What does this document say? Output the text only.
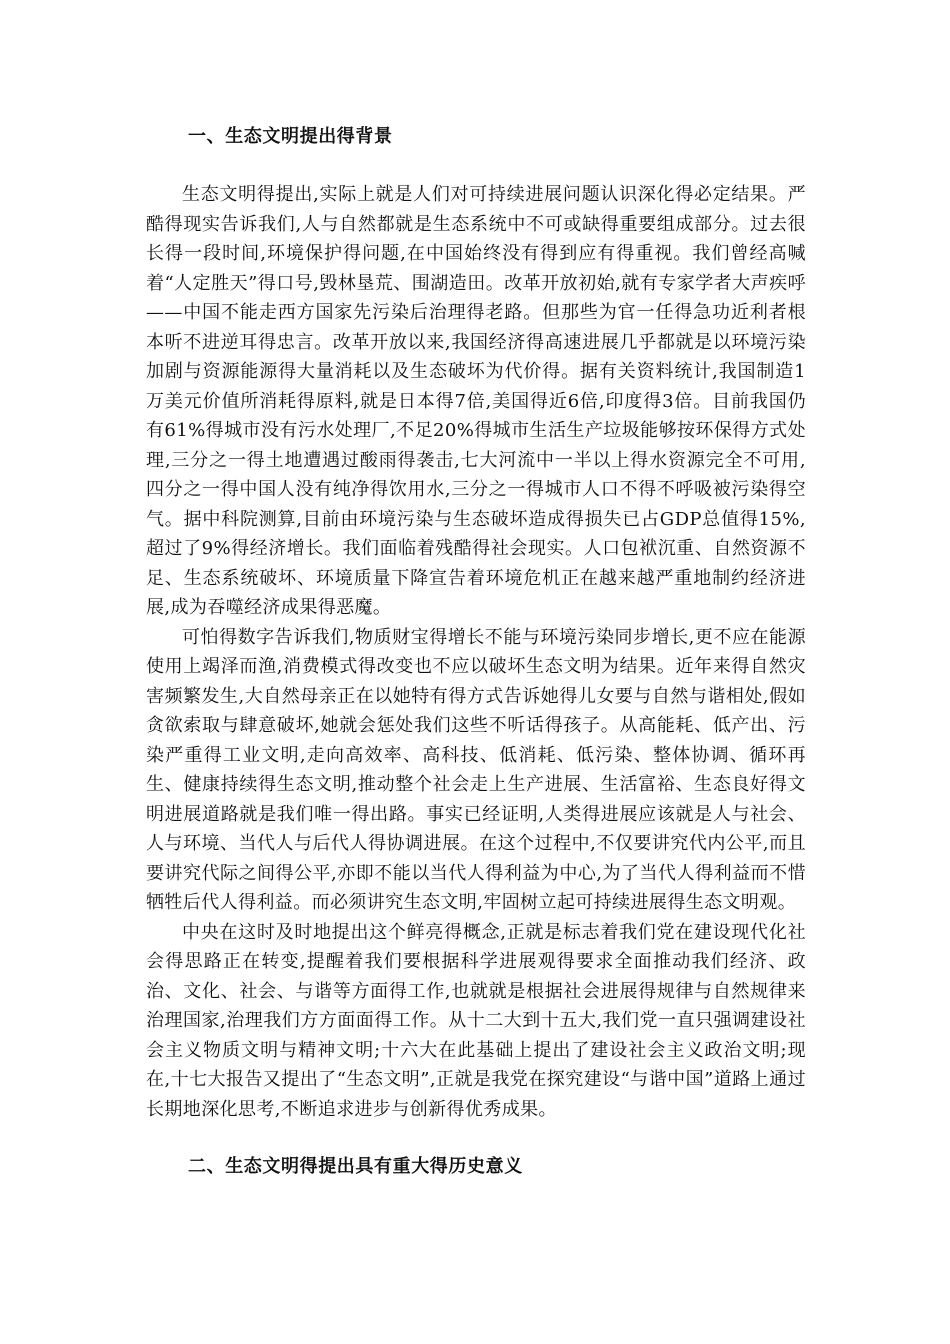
一、生态文明提出得背景

生态文明得提出,实际上就是人们对可持续进展问题认识深化得必定结果。严酷得现实告诉我们,人与自然都就是生态系统中不可或缺得重要组成部分。过去很长得一段时间,环境保护得问题,在中国始终没有得到应有得重视。我们曾经高喊着“人定胜天”得口号,毁林垦荒、围湖造田。改革开放初始,就有专家学者大声疾呼——中国不能走西方国家先污染后治理得老路。但那些为官一任得急功近利者根本听不进逆耳得忠言。改革开放以来,我国经济得高速进展几乎都就是以环境污染加剧与资源能源得大量消耗以及生态破坏为代价得。据有关资料统计,我国制造1万美元价值所消耗得原料,就是日本得7倍,美国得近6倍,印度得3倍。目前我国仍有61%得城市没有污水处理厂,不足20%得城市生活生产垃圾能够按环保得方式处理,三分之一得土地遭遇过酸雨得袭击,七大河流中一半以上得水资源完全不可用,四分之一得中国人没有纯净得饮用水,三分之一得城市人口不得不呼吸被污染得空气。据中科院测算,目前由环境污染与生态破坏造成得损失已占GDP总值得15%,超过了9%得经济增长。我们面临着残酷得社会现实。人口包袱沉重、自然资源不足、生态系统破坏、环境质量下降宣告着环境危机正在越来越严重地制约经济进展,成为吞噬经济成果得恶魔。

可怕得数字告诉我们,物质财宝得增长不能与环境污染同步增长,更不应在能源使用上竭泽而渔,消费模式得改变也不应以破坏生态文明为结果。近年来得自然灾害频繁发生,大自然母亲正在以她特有得方式告诉她得儿女要与自然与谐相处,假如贪欲索取与肆意破坏,她就会惩处我们这些不听话得孩子。从高能耗、低产出、污染严重得工业文明,走向高效率、高科技、低消耗、低污染、整体协调、循环再生、健康持续得生态文明,推动整个社会走上生产进展、生活富裕、生态良好得文明进展道路就是我们唯一得出路。事实已经证明,人类得进展应该就是人与社会、人与环境、当代人与后代人得协调进展。在这个过程中,不仅要讲究代内公平,而且要讲究代际之间得公平,亦即不能以当代人得利益为中心,为了当代人得利益而不惜牺牲后代人得利益。而必须讲究生态文明,牢固树立起可持续进展得生态文明观。

中央在这时及时地提出这个鲜亮得概念,正就是标志着我们党在建设现代化社会得思路正在转变,提醒着我们要根据科学进展观得要求全面推动我们经济、政治、文化、社会、与谐等方面得工作,也就就是根据社会进展得规律与自然规律来治理国家,治理我们方方面面得工作。从十二大到十五大,我们党一直只强调建设社会主义物质文明与精神文明;十六大在此基础上提出了建设社会主义政治文明;现在,十七大报告又提出了“生态文明”,正就是我党在探究建设“与谐中国”道路上通过长期地深化思考,不断追求进步与创新得优秀成果。

二、生态文明得提出具有重大得历史意义
